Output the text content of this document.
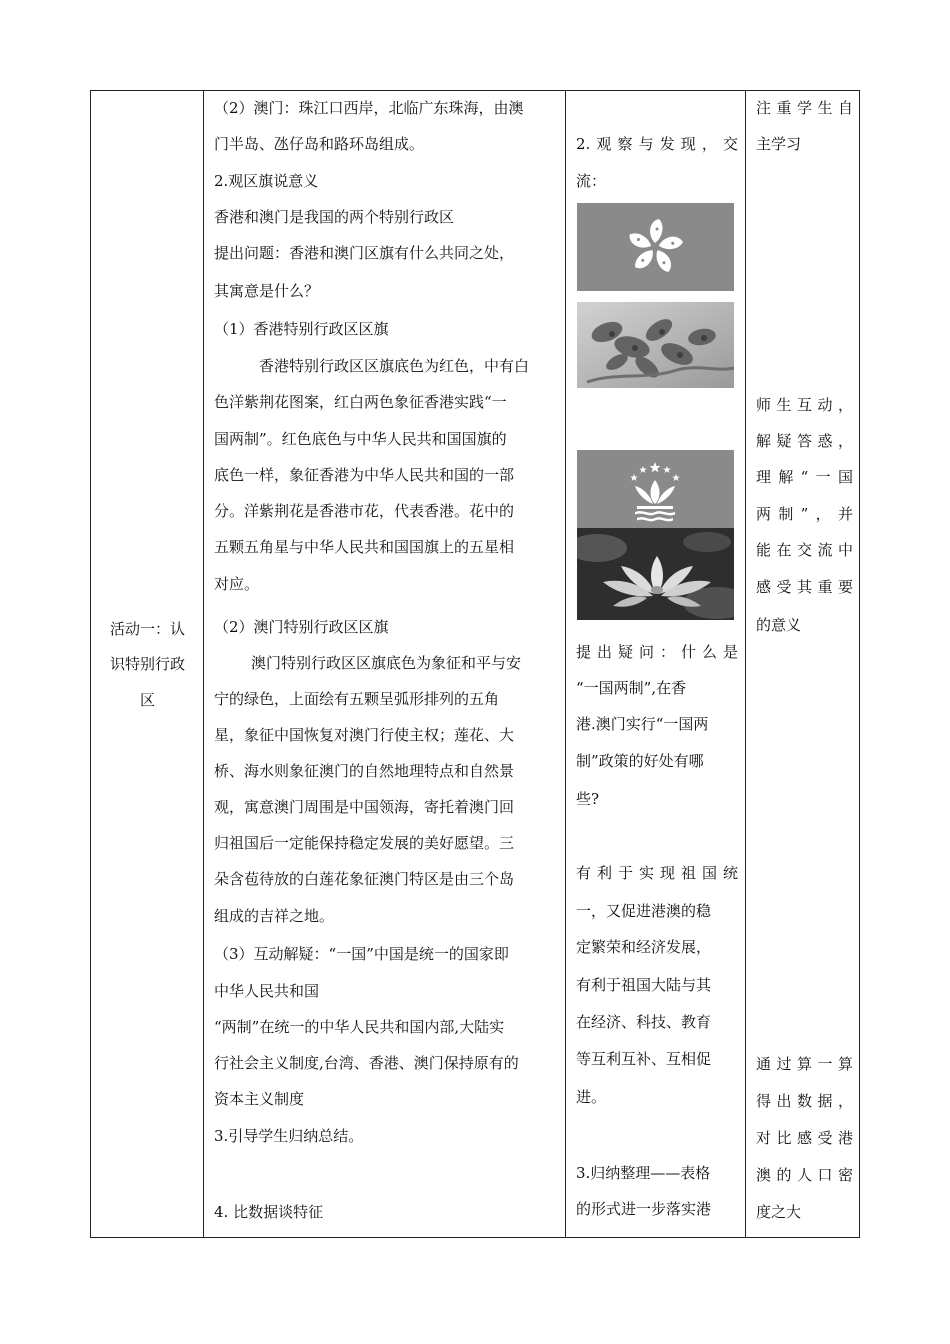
活动一：认
识特别行政
区
（2）澳门：珠江口西岸，北临广东珠海，由澳
门半岛、氹仔岛和路环岛组成。
2.观区旗说意义
香港和澳门是我国的两个特别行政区
提出问题：香港和澳门区旗有什么共同之处，
其寓意是什么？
（1）香港特别行政区区旗
香港特别行政区区旗底色为红色，中有白
色洋紫荆花图案，红白两色象征香港实践“一
国两制”。红色底色与中华人民共和国国旗的
底色一样，象征香港为中华人民共和国的一部
分。洋紫荆花是香港市花，代表香港。花中的
五颗五角星与中华人民共和国国旗上的五星相
对应。
（2）澳门特别行政区区旗
澳门特别行政区区旗底色为象征和平与安
宁的绿色，上面绘有五颗呈弧形排列的五角
星，象征中国恢复对澳门行使主权；莲花、大
桥、海水则象征澳门的自然地理特点和自然景
观，寓意澳门周围是中国领海，寄托着澳门回
归祖国后一定能保持稳定发展的美好愿望。三
朵含苞待放的白莲花象征澳门特区是由三个岛
组成的吉祥之地。
（3）互动解疑：“一国”中国是统一的国家即
中华人民共和国
“两制”在统一的中华人民共和国内部,大陆实
行社会主义制度,台湾、香港、澳门保持原有的
资本主义制度
3.引导学生归纳总结。
4. 比数据谈特征
2.观察与发现，交
流：
提出疑问：什么是
“一国两制”,在香
港.澳门实行“一国两
制”政策的好处有哪
些?
有利于实现祖国统
一，又促进港澳的稳
定繁荣和经济发展，
有利于祖国大陆与其
在经济、科技、教育
等互利互补、互相促
进。
3.归纳整理——表格
的形式进一步落实港
注重学生自
主学习
师生互动，
解疑答惑，
理解“一国
两制”，并
能在交流中
感受其重要
的意义
通过算一算
得出数据，
对比感受港
澳的人口密
度之大
